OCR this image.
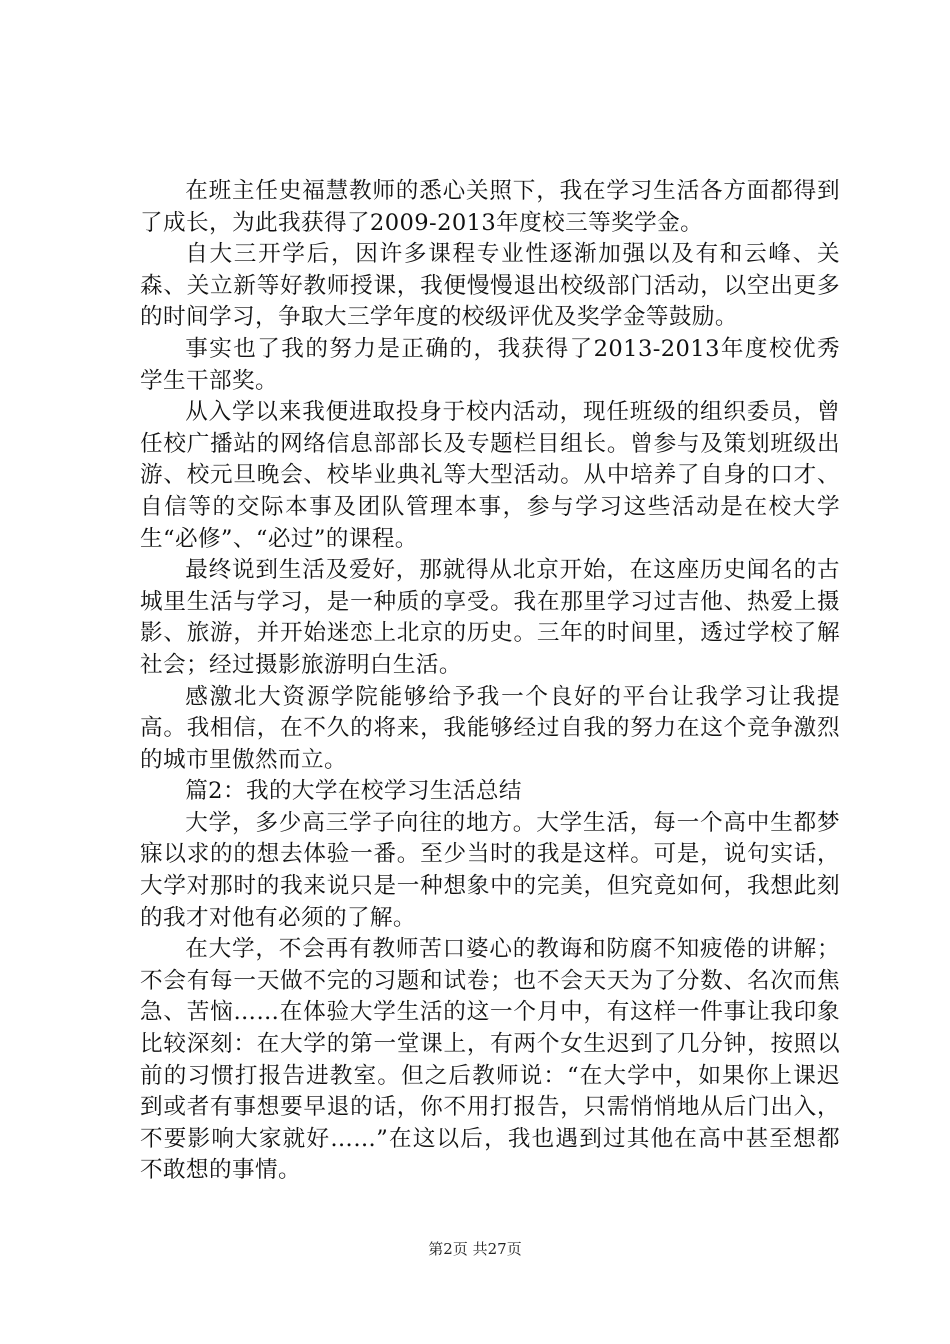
在班主任史福慧教师的悉心关照下，我在学习生活各方面都得到了成长，为此我获得了2009-2013年度校三等奖学金。

自大三开学后，因许多课程专业性逐渐加强以及有和云峰、关森、关立新等好教师授课，我便慢慢退出校级部门活动，以空出更多的时间学习，争取大三学年度的校级评优及奖学金等鼓励。

事实也了我的努力是正确的，我获得了2013-2013年度校优秀学生干部奖。

从入学以来我便进取投身于校内活动，现任班级的组织委员，曾任校广播站的网络信息部部长及专题栏目组长。曾参与及策划班级出游、校元旦晚会、校毕业典礼等大型活动。从中培养了自身的口才、自信等的交际本事及团队管理本事，参与学习这些活动是在校大学生“必修”、“必过”的课程。

最终说到生活及爱好，那就得从北京开始，在这座历史闻名的古城里生活与学习，是一种质的享受。我在那里学习过吉他、热爱上摄影、旅游，并开始迷恋上北京的历史。三年的时间里，透过学校了解社会；经过摄影旅游明白生活。

感激北大资源学院能够给予我一个良好的平台让我学习让我提高。我相信，在不久的将来，我能够经过自我的努力在这个竞争激烈的城市里傲然而立。

篇2：我的大学在校学习生活总结

大学，多少高三学子向往的地方。大学生活，每一个高中生都梦寐以求的的想去体验一番。至少当时的我是这样。可是，说句实话，大学对那时的我来说只是一种想象中的完美，但究竟如何，我想此刻的我才对他有必须的了解。

在大学，不会再有教师苦口婆心的教诲和防腐不知疲倦的讲解；不会有每一天做不完的习题和试卷；也不会天天为了分数、名次而焦急、苦恼……在体验大学生活的这一个月中，有这样一件事让我印象比较深刻：在大学的第一堂课上，有两个女生迟到了几分钟，按照以前的习惯打报告进教室。但之后教师说：“在大学中，如果你上课迟到或者有事想要早退的话，你不用打报告，只需悄悄地从后门出入，不要影响大家就好……”在这以后，我也遇到过其他在高中甚至想都不敢想的事情。

第2页 共27页
